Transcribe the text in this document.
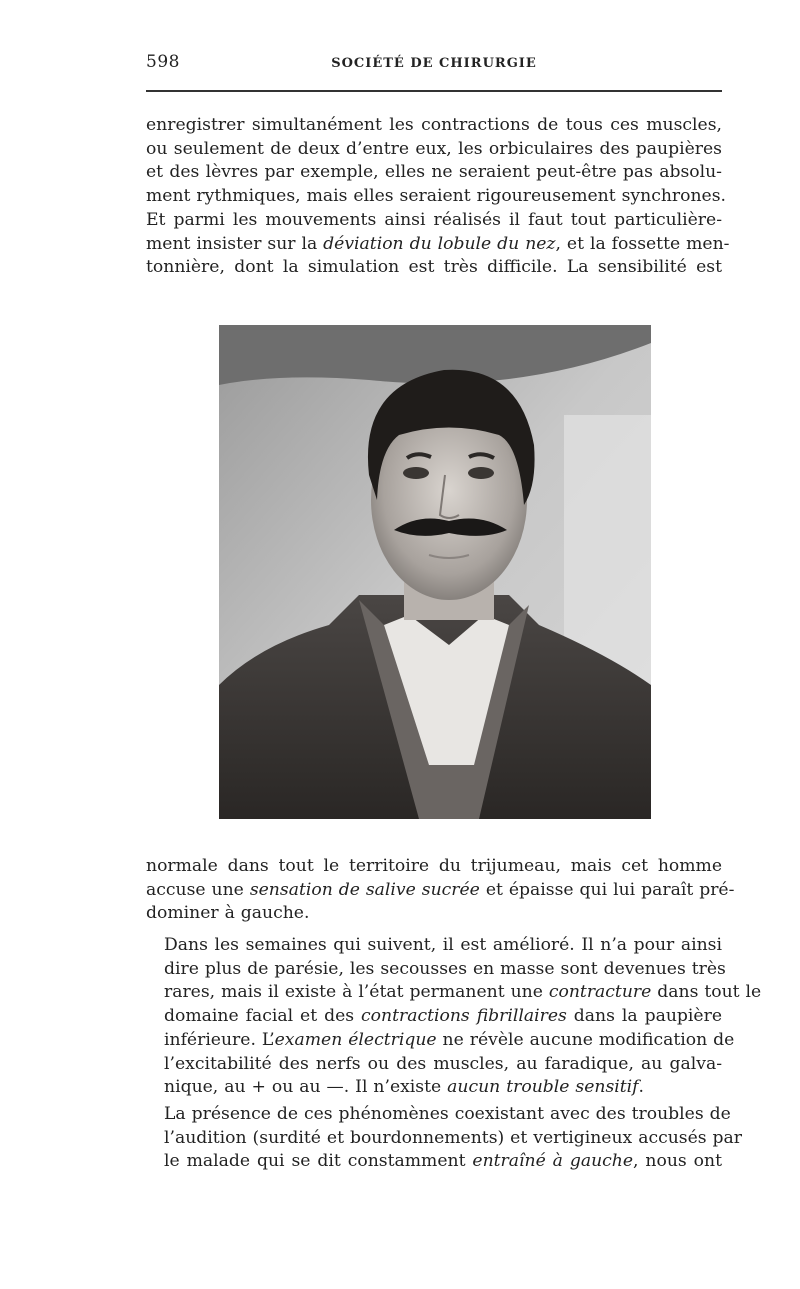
598	SOCIÉTÉ DE CHIRURGIE
enregistrer simultanément les contractions de tous ces muscles,
ou seulement de deux d’entre eux, les orbiculaires des paupières
et des lèvres par exemple, elles ne seraient peut-être pas absolu-
ment rythmiques, mais elles seraient rigoureusement synchrones.
Et parmi les mouvements ainsi réalisés il faut tout particulière-
ment insister sur la déviation du lobule du nez, et la fossette men-
tonnière, dont la simulation est très difficile. La sensibilité est
normale dans tout le territoire du trijumeau, mais cet homme
accuse une sensation de salive sucrée et épaisse qui lui paraît pré-
dominer à gauche.
Dans les semaines qui suivent, il est amélioré. Il n’a pour ainsi
dire plus de parésie, les secousses en masse sont devenues très
rares, mais il existe à l’état permanent une contracture dans tout le
domaine facial et des contractions fibrillaires dans la paupière
inférieure. L’examen électrique ne révèle aucune modification de
l’excitabilité des nerfs ou des muscles, au faradique, au galva-
nique, au + ou au —. Il n’existe aucun trouble sensitif.
La présence de ces phénomènes coexistant avec des troubles de
l’audition (surdité et bourdonnements) et vertigineux accusés par
le malade qui se dit constamment entraîné à gauche, nous ont
